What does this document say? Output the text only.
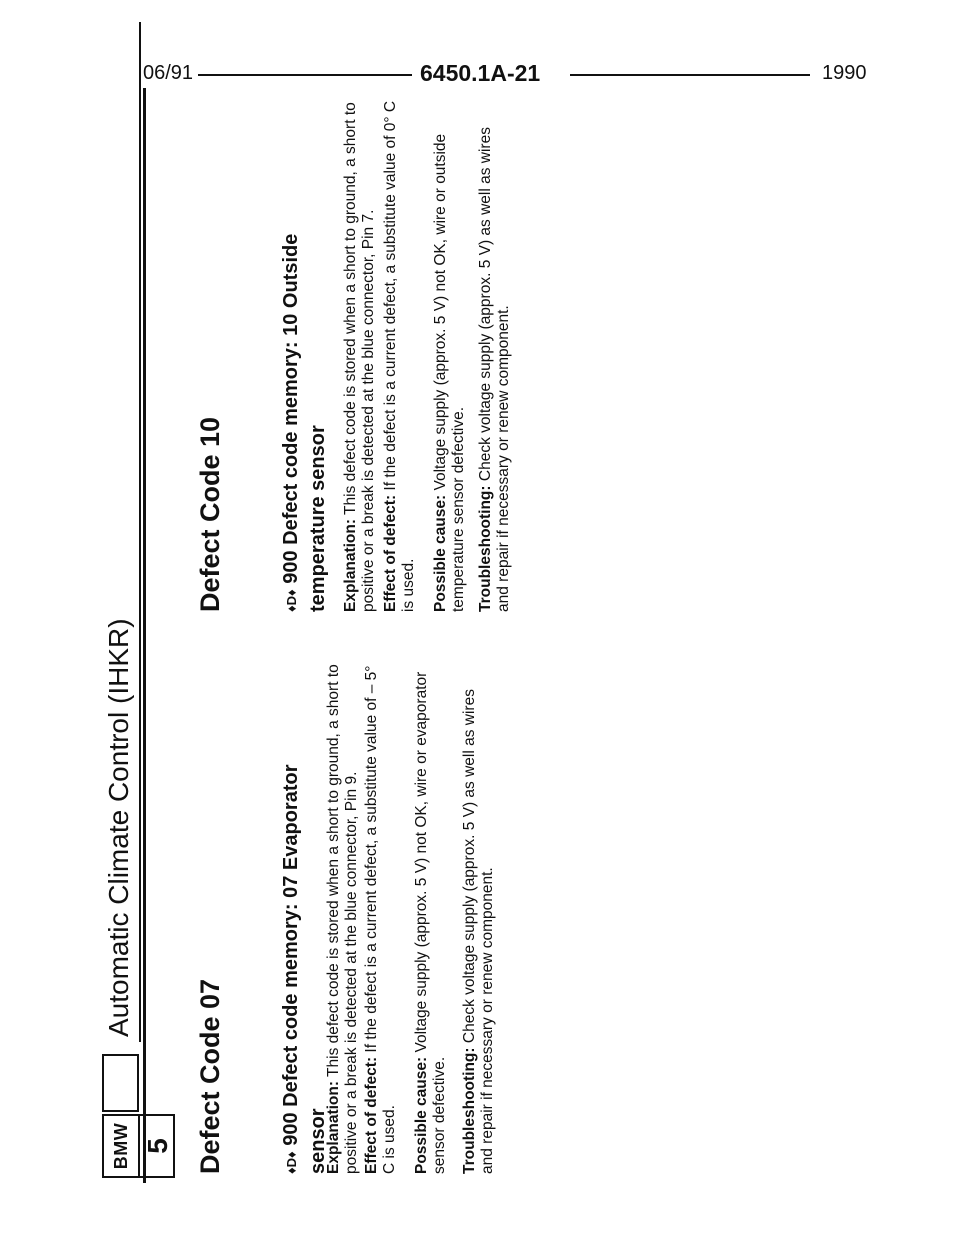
06/91	6450.1A-21	1990
BMW 5
Automatic Climate Control (IHKR)
Defect Code 07	♦D♦ 900 Defect code memory: 07 Evaporator sensor
Explanation: This defect code is stored when a short to ground, a short to positive or a break is detected at the blue connector, Pin 9. Effect of defect: If the defect is a current defect, a substitute value of – 5° C is used. Possible cause: Voltage supply (approx. 5 V) not OK, wire or evaporator sensor defective. Troubleshooting: Check voltage supply (approx. 5 V) as well as wires and repair if necessary or renew component.
Defect Code 10	♦D♦ 900 Defect code memory: 10 Outside temperature sensor Explanation: This defect code is stored when a short to ground, a short to positive or a break is detected at the blue connector, Pin 7. Effect of defect: If the defect is a current defect, a substitute value of 0° C is used. Possible cause: Voltage supply (approx. 5 V) not OK, wire or outside temperature sensor defective. Troubleshooting: Check voltage supply (approx. 5 V) as well as wires and repair if necessary or renew component.
